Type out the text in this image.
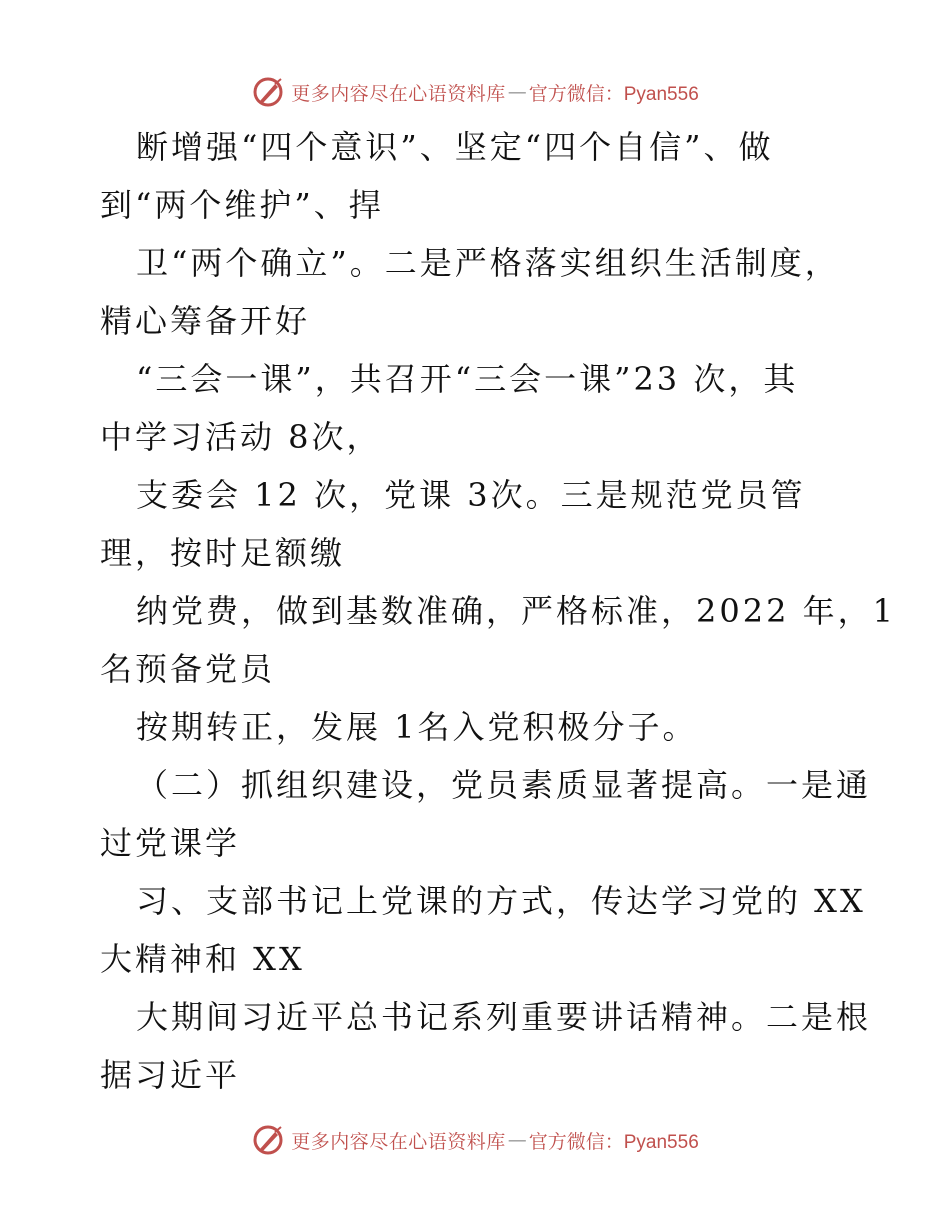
更多内容尽在心语资料库 — 官方微信：Pyan556
断增强“四个意识”、坚定“四个自信”、做
到“两个维护”、捍
卫“两个确立”。二是严格落实组织生活制度，
精心筹备开好
“三会一课”，共召开“三会一课”23 次，其
中学习活动 8次，
支委会 12 次，党课 3次。三是规范党员管
理，按时足额缴
纳党费，做到基数准确，严格标准，2022 年，1
名预备党员
按期转正，发展 1名入党积极分子。
（二）抓组织建设，党员素质显著提高。一是通
过党课学
习、支部书记上党课的方式，传达学习党的 XX
大精神和 XX
大期间习近平总书记系列重要讲话精神。二是根
据习近平
更多内容尽在心语资料库 — 官方微信：Pyan556
